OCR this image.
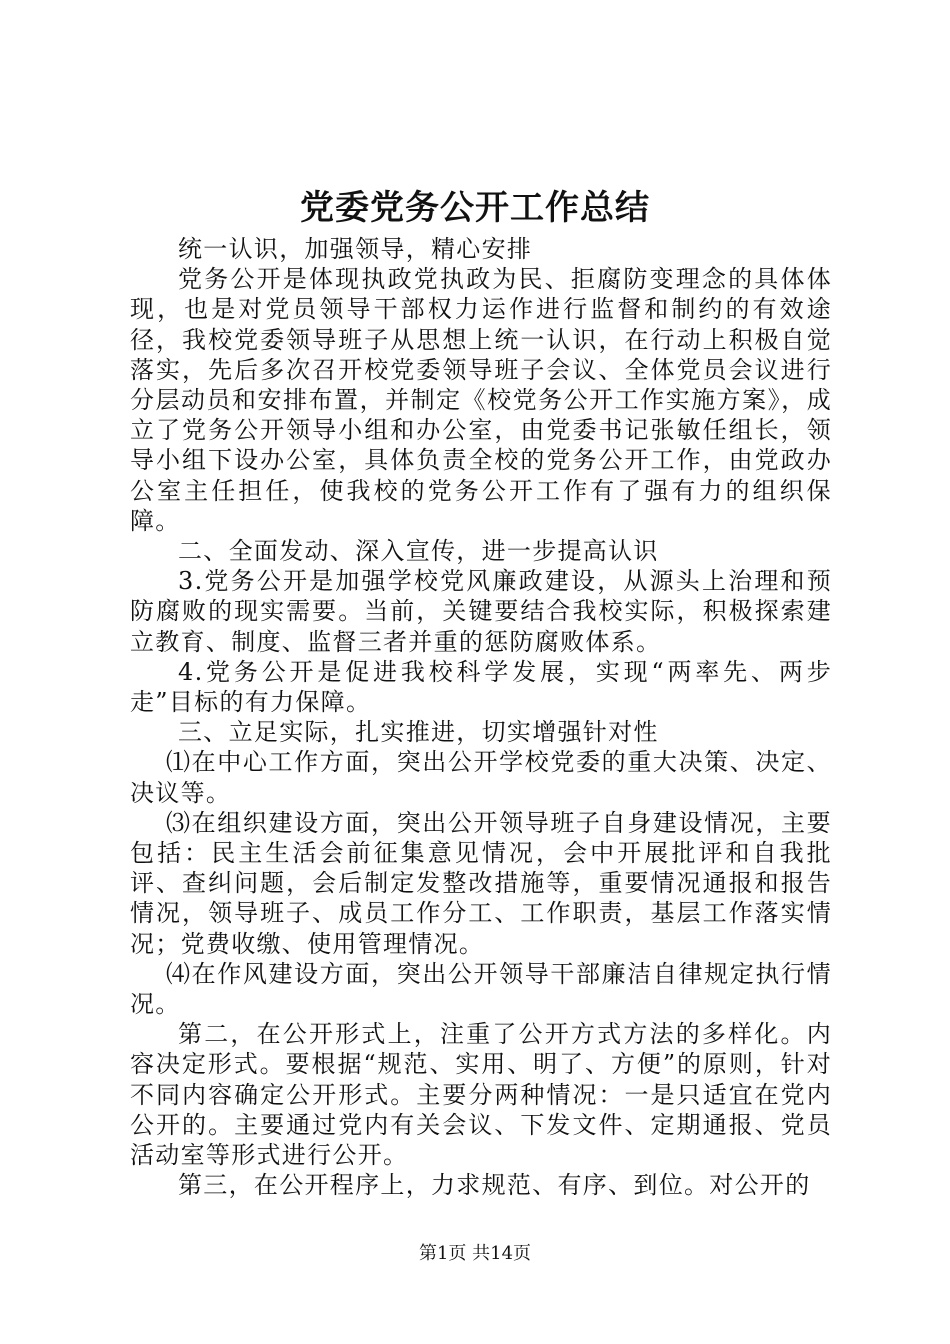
党委党务公开工作总结

统一认识，加强领导，精心安排

党务公开是体现执政党执政为民、拒腐防变理念的具体体现，也是对党员领导干部权力运作进行监督和制约的有效途径，我校党委领导班子从思想上统一认识，在行动上积极自觉落实，先后多次召开校党委领导班子会议、全体党员会议进行分层动员和安排布置，并制定《校党务公开工作实施方案》，成立了党务公开领导小组和办公室，由党委书记张敏任组长，领导小组下设办公室，具体负责全校的党务公开工作，由党政办公室主任担任，使我校的党务公开工作有了强有力的组织保障。

二、全面发动、深入宣传，进一步提高认识

3.党务公开是加强学校党风廉政建设，从源头上治理和预防腐败的现实需要。当前，关键要结合我校实际，积极探索建立教育、制度、监督三者并重的惩防腐败体系。

4.党务公开是促进我校科学发展，实现“两率先、两步走”目标的有力保障。

三、立足实际，扎实推进，切实增强针对性

⑴在中心工作方面，突出公开学校党委的重大决策、决定、决议等。

⑶在组织建设方面，突出公开领导班子自身建设情况，主要包括：民主生活会前征集意见情况，会中开展批评和自我批评、查纠问题，会后制定发整改措施等，重要情况通报和报告情况，领导班子、成员工作分工、工作职责，基层工作落实情况；党费收缴、使用管理情况。

⑷在作风建设方面，突出公开领导干部廉洁自律规定执行情况。

第二，在公开形式上，注重了公开方式方法的多样化。内容决定形式。要根据“规范、实用、明了、方便”的原则，针对不同内容确定公开形式。主要分两种情况：一是只适宜在党内公开的。主要通过党内有关会议、下发文件、定期通报、党员活动室等形式进行公开。

第三，在公开程序上，力求规范、有序、到位。对公开的

第1页 共14页
